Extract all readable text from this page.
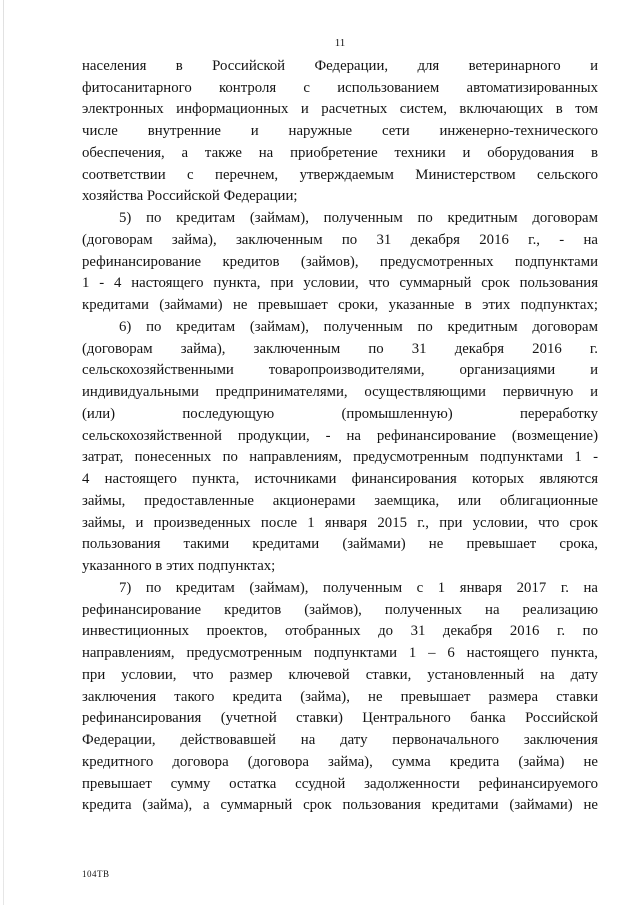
11
населения в Российской Федерации, для ветеринарного и
фитосанитарного контроля с использованием автоматизированных
электронных информационных и расчетных систем, включающих в том
числе внутренние и наружные сети инженерно-технического
обеспечения, а также на приобретение техники и оборудования в
соответствии с перечнем, утверждаемым Министерством сельского
хозяйства Российской Федерации;
5) по кредитам (займам), полученным по кредитным договорам
(договорам займа), заключенным по 31 декабря 2016 г., - на
рефинансирование кредитов (займов), предусмотренных подпунктами
1 - 4 настоящего пункта, при условии, что суммарный срок пользования
кредитами (займами) не превышает сроки, указанные в этих подпунктах;
6) по кредитам (займам), полученным по кредитным договорам
(договорам займа), заключенным по 31 декабря 2016 г.
сельскохозяйственными товаропроизводителями, организациями и
индивидуальными предпринимателями, осуществляющими первичную и
(или) последующую (промышленную) переработку
сельскохозяйственной продукции, - на рефинансирование (возмещение)
затрат, понесенных по направлениям, предусмотренным подпунктами 1 -
4 настоящего пункта, источниками финансирования которых являются
займы, предоставленные акционерами заемщика, или облигационные
займы, и произведенных после 1 января 2015 г., при условии, что срок
пользования такими кредитами (займами) не превышает срока,
указанного в этих подпунктах;
7) по кредитам (займам), полученным с 1 января 2017 г. на
рефинансирование кредитов (займов), полученных на реализацию
инвестиционных проектов, отобранных до 31 декабря 2016 г. по
направлениям, предусмотренным подпунктами 1 – 6 настоящего пункта,
при условии, что размер ключевой ставки, установленный на дату
заключения такого кредита (займа), не превышает размера ставки
рефинансирования (учетной ставки) Центрального банка Российской
Федерации, действовавшей на дату первоначального заключения
кредитного договора (договора займа), сумма кредита (займа) не
превышает сумму остатка ссудной задолженности рефинансируемого
кредита (займа), а суммарный срок пользования кредитами (займами) не
104ТВ
